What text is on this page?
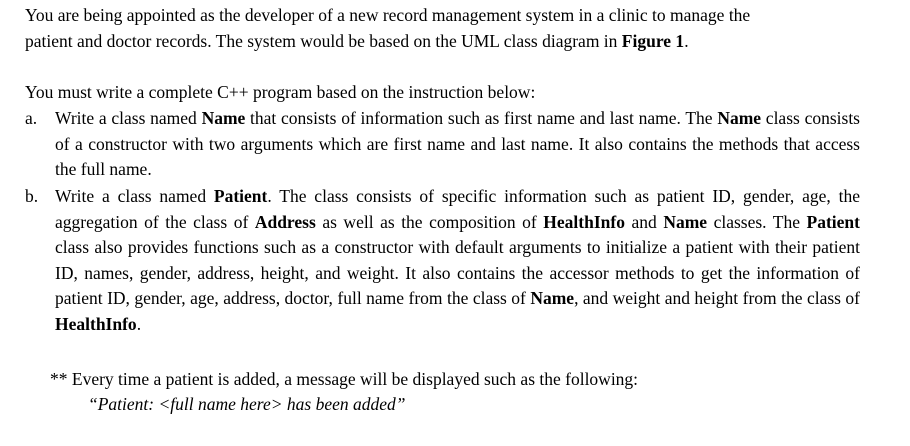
You are being appointed as the developer of a new record management system in a clinic to manage the
patient and doctor records. The system would be based on the UML class diagram in Figure 1.
You must write a complete C++ program based on the instruction below:
a.	Write a class named Name that consists of information such as first name and last name. The Name class consists of a constructor with two arguments which are first name and last name. It also contains the methods that access the full name.
b. Write a class named Patient. The class consists of specific information such as patient ID, gender, age, the aggregation of the class of Address as well as the composition of HealthInfo and Name classes. The Patient class also provides functions such as a constructor with default arguments to initialize a patient with their patient ID, names, gender, address, height, and weight. It also contains the accessor methods to get the information of patient ID, gender, age, address, doctor, full name from the class of Name, and weight and height from the class of HealthInfo.
** Every time a patient is added, a message will be displayed such as the following:
“Patient: <full name here> has been added”
